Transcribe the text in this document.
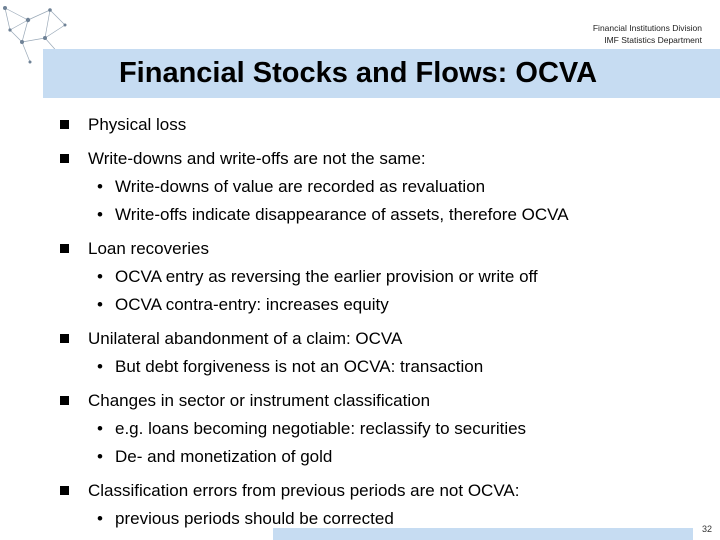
Financial Institutions Division
IMF Statistics Department
Financial Stocks and Flows: OCVA
Physical loss
Write-downs and write-offs are not the same:
• Write-downs of value are recorded as revaluation
• Write-offs indicate disappearance of assets, therefore OCVA
Loan recoveries
• OCVA entry as reversing the earlier provision or write off
• OCVA contra-entry: increases equity
Unilateral abandonment of a claim: OCVA
• But debt forgiveness is not an OCVA: transaction
Changes in sector or instrument classification
• e.g. loans becoming negotiable: reclassify to securities
• De- and monetization of gold
Classification errors from previous periods are not OCVA:
• previous periods should be corrected
32
